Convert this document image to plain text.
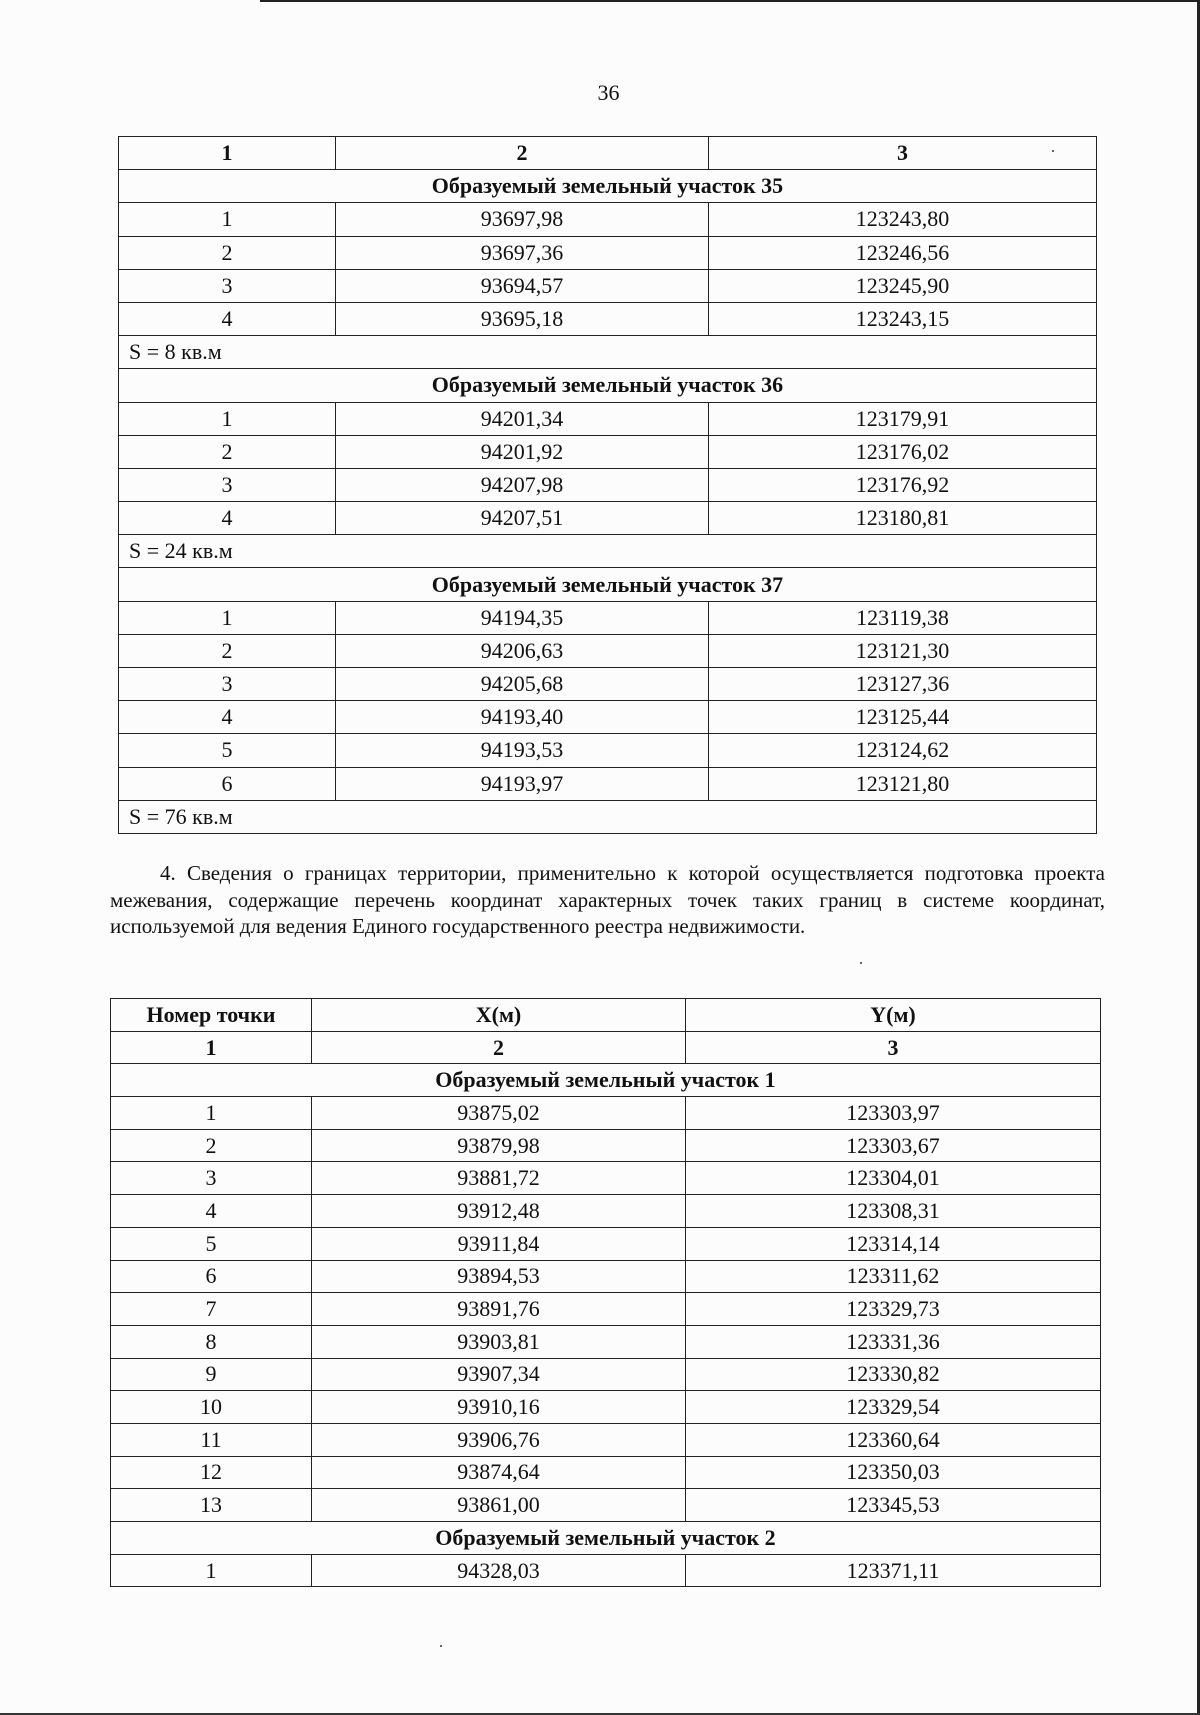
36
1	2	3
Образуемый земельный участок 35		
1	93697,98	123243,80
2	93697,36	123246,56
3	93694,57	123245,90
4	93695,18	123243,15
S = 8 кв.м		
Образуемый земельный участок 36		
1	94201,34	123179,91
2	94201,92	123176,02
3	94207,98	123176,92
4	94207,51	123180,81
S = 24 кв.м		
Образуемый земельный участок 37		
1	94194,35	123119,38
2	94206,63	123121,30
3	94205,68	123127,36
4	94193,40	123125,44
5	94193,53	123124,62
6	94193,97	123121,80
S = 76 кв.м		

4. Сведения о границах территории, применительно к которой осуществляется подготовка проекта межевания, содержащие перечень координат характерных точек таких границ в системе координат, используемой для ведения Единого государственного реестра недвижимости.

Номер точки	X(м)	Y(м)
1	2	3
Образуемый земельный участок 1		
1	93875,02	123303,97
2	93879,98	123303,67
3	93881,72	123304,01
4	93912,48	123308,31
5	93911,84	123314,14
6	93894,53	123311,62
7	93891,76	123329,73
8	93903,81	123331,36
9	93907,34	123330,82
10	93910,16	123329,54
11	93906,76	123360,64
12	93874,64	123350,03
13	93861,00	123345,53
Образуемый земельный участок 2		
1	94328,03	123371,11
